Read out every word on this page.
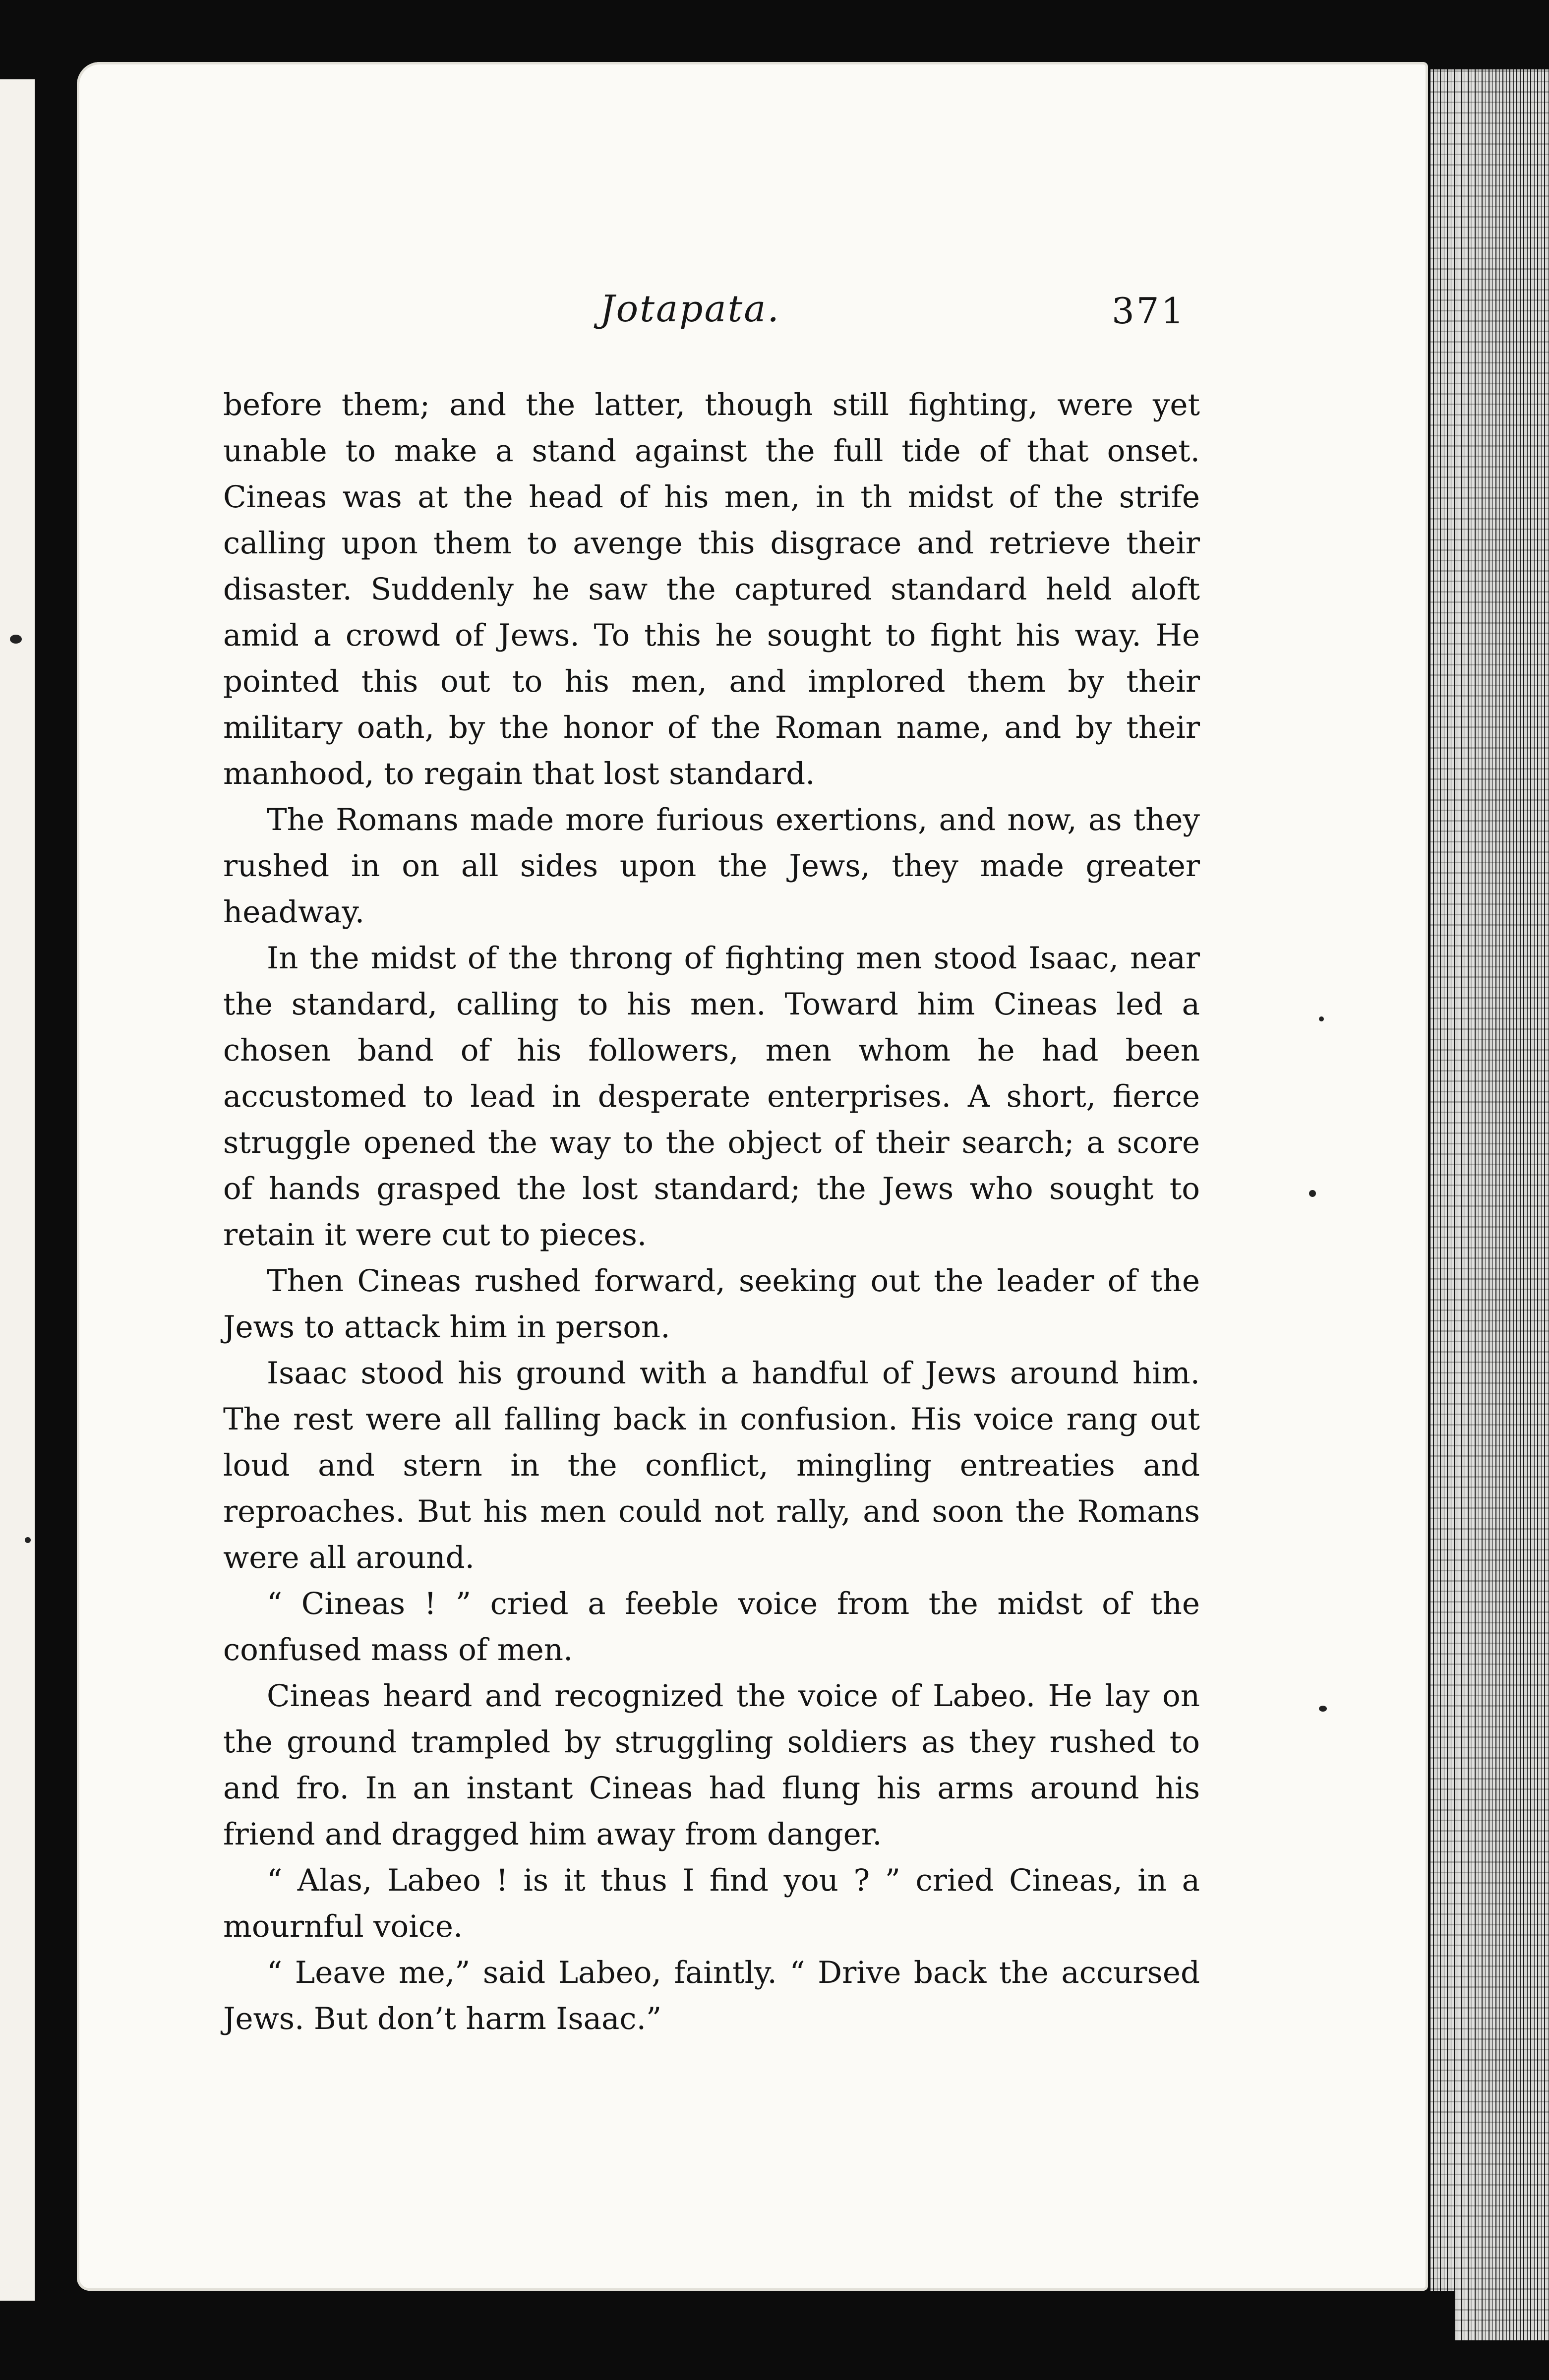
Jotapata.	371

before them; and the latter, though still fighting, were yet unable to make a stand against the full tide of that onset. Cineas was at the head of his men, in th midst of the strife calling upon them to avenge this disgrace and retrieve their disaster. Suddenly he saw the captured standard held aloft amid a crowd of Jews. To this he sought to fight his way. He pointed this out to his men, and implored them by their military oath, by the honor of the Roman name, and by their manhood, to regain that lost standard.

The Romans made more furious exertions, and now, as they rushed in on all sides upon the Jews, they made greater headway.

In the midst of the throng of fighting men stood Isaac, near the standard, calling to his men. Toward him Cineas led a chosen band of his followers, men whom he had been accustomed to lead in desperate enterprises. A short, fierce struggle opened the way to the object of their search; a score of hands grasped the lost standard; the Jews who sought to retain it were cut to pieces.

Then Cineas rushed forward, seeking out the leader of the Jews to attack him in person.

Isaac stood his ground with a handful of Jews around him. The rest were all falling back in confusion. His voice rang out loud and stern in the conflict, mingling entreaties and reproaches. But his men could not rally, and soon the Romans were all around.

“ Cineas ! ” cried a feeble voice from the midst of the confused mass of men.

Cineas heard and recognized the voice of Labeo. He lay on the ground trampled by struggling soldiers as they rushed to and fro. In an instant Cineas had flung his arms around his friend and dragged him away from danger.

“ Alas, Labeo ! is it thus I find you ? ” cried Cineas, in a mournful voice.

“ Leave me,” said Labeo, faintly. “ Drive back the accursed Jews. But don’t harm Isaac.”
